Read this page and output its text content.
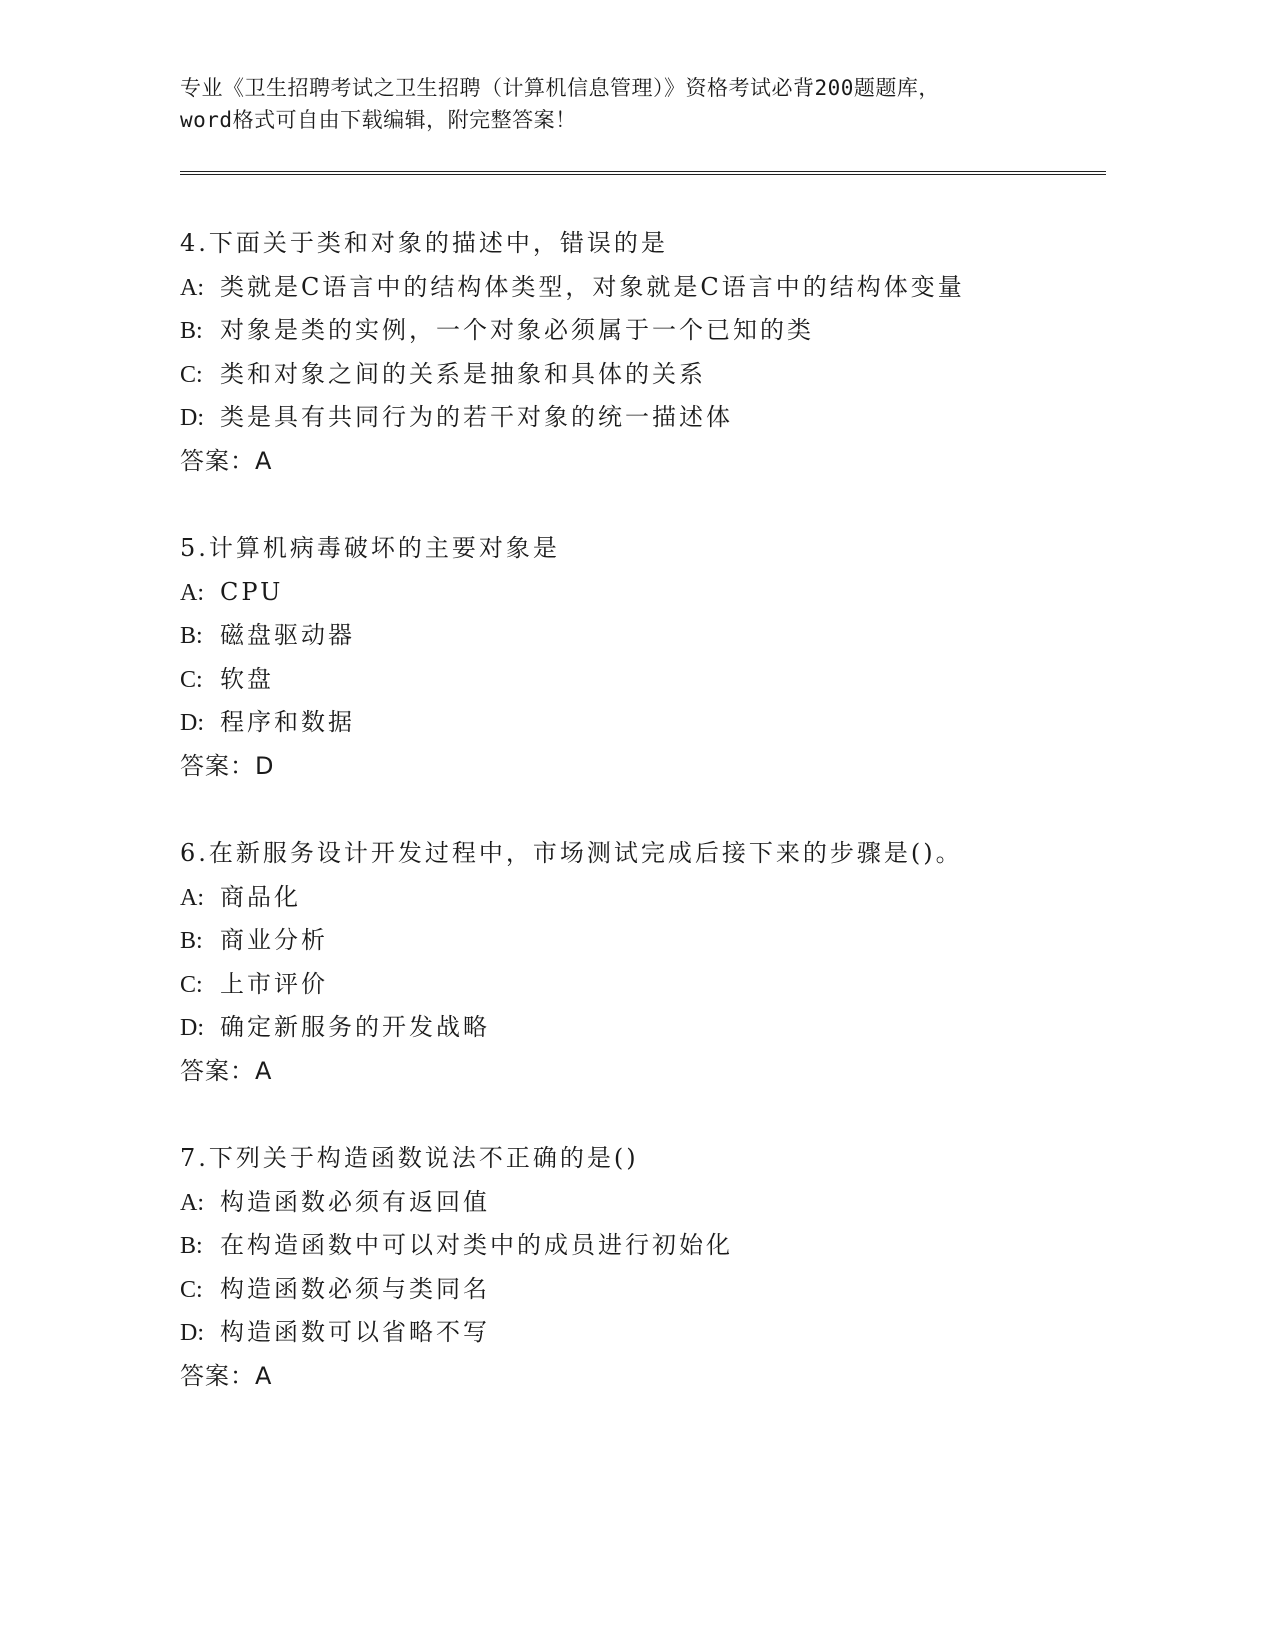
专业《卫生招聘考试之卫生招聘（计算机信息管理）》资格考试必背200题题库，
word格式可自由下载编辑，附完整答案！
4.下面关于类和对象的描述中，错误的是
A: 类就是C语言中的结构体类型，对象就是C语言中的结构体变量
B: 对象是类的实例，一个对象必须属于一个已知的类
C: 类和对象之间的关系是抽象和具体的关系
D: 类是具有共同行为的若干对象的统一描述体
答案：A
5.计算机病毒破坏的主要对象是
A: CPU
B: 磁盘驱动器
C: 软盘
D: 程序和数据
答案：D
6.在新服务设计开发过程中，市场测试完成后接下来的步骤是()。
A: 商品化
B: 商业分析
C: 上市评价
D: 确定新服务的开发战略
答案：A
7.下列关于构造函数说法不正确的是()
A: 构造函数必须有返回值
B: 在构造函数中可以对类中的成员进行初始化
C: 构造函数必须与类同名
D: 构造函数可以省略不写
答案：A
